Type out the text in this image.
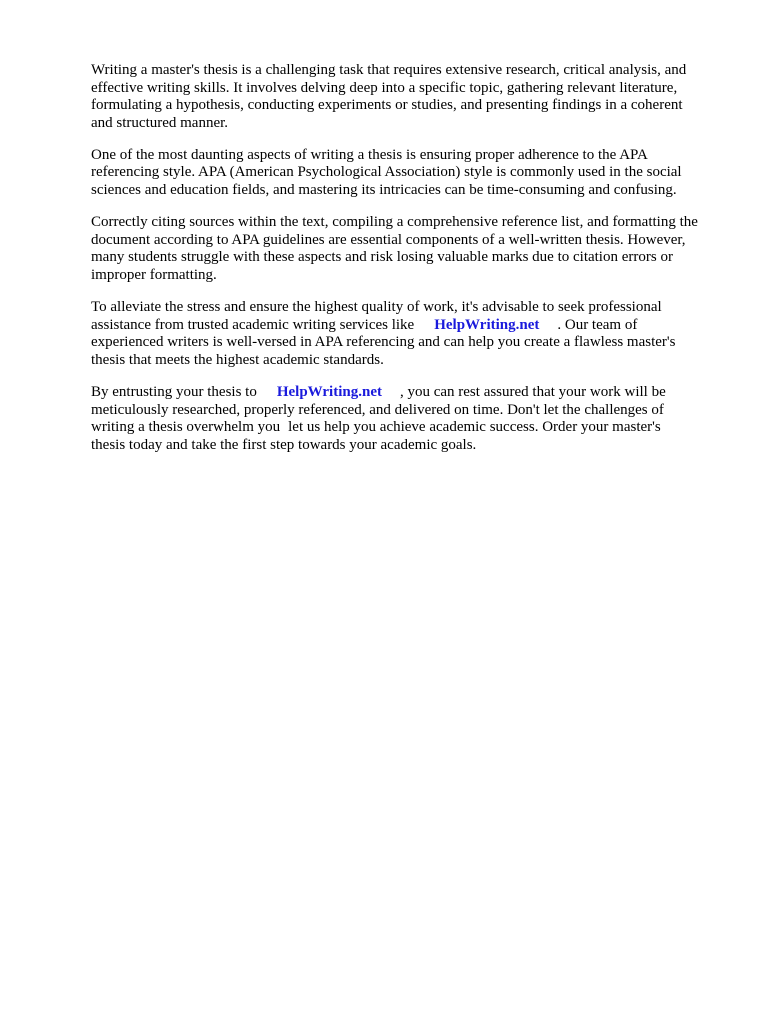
Writing a master's thesis is a challenging task that requires extensive research, critical analysis, and
effective writing skills. It involves delving deep into a specific topic, gathering relevant literature,
formulating a hypothesis, conducting experiments or studies, and presenting findings in a coherent
and structured manner.

One of the most daunting aspects of writing a thesis is ensuring proper adherence to the APA
referencing style. APA (American Psychological Association) style is commonly used in the social
sciences and education fields, and mastering its intricacies can be time-consuming and confusing.

Correctly citing sources within the text, compiling a comprehensive reference list, and formatting the
document according to APA guidelines are essential components of a well-written thesis. However,
many students struggle with these aspects and risk losing valuable marks due to citation errors or
improper formatting.

To alleviate the stress and ensure the highest quality of work, it's advisable to seek professional
assistance from trusted academic writing services like HelpWriting.net . Our team of
experienced writers is well-versed in APA referencing and can help you create a flawless master's
thesis that meets the highest academic standards.

By entrusting your thesis to HelpWriting.net , you can rest assured that your work will be
meticulously researched, properly referenced, and delivered on time. Don't let the challenges of
writing a thesis overwhelm you let us help you achieve academic success. Order your master's
thesis today and take the first step towards your academic goals.
